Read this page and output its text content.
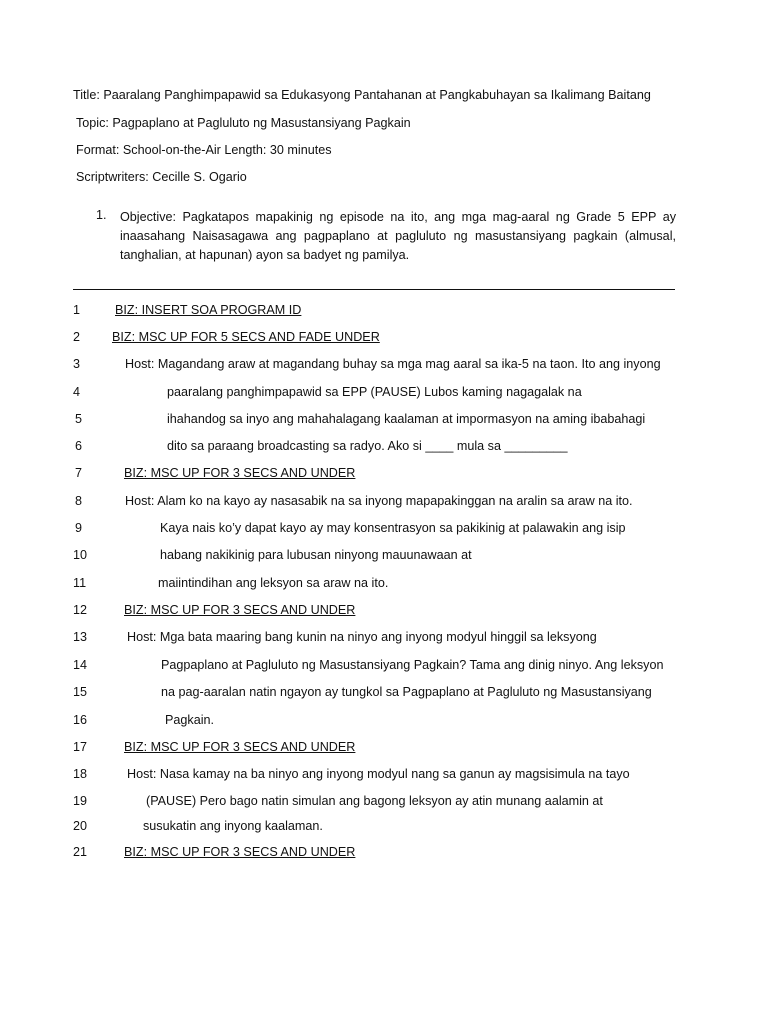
Title: Paaralang Panghimpapawid sa Edukasyong Pantahanan at Pangkabuhayan sa Ikalimang Baitang
Topic: Pagpaplano at Pagluluto ng Masustansiyang Pagkain
Format: School-on-the-Air Length: 30 minutes
Scriptwriters: Cecille S. Ogario
1. Objective: Pagkatapos mapakinig ng episode na ito, ang mga mag-aaral ng Grade 5 EPP ay inaasahang Naisasagawa ang pagpaplano at pagluluto ng masustansiyang pagkain (almusal, tanghalian, at hapunan) ayon sa badyet ng pamilya.
1	BIZ: INSERT SOA PROGRAM ID
2	BIZ: MSC UP FOR 5 SECS AND FADE UNDER
3	Host: Magandang araw at magandang buhay sa mga mag aaral sa ika-5 na taon. Ito ang inyong
4	paaralang panghimpapawid sa EPP (PAUSE) Lubos kaming nagagalak na
5	ihahandog sa inyo ang mahahalagang kaalaman at impormasyon na aming ibabahagi
6	dito sa paraang broadcasting sa radyo. Ako si ____ mula sa _________
7	BIZ: MSC UP FOR 3 SECS AND UNDER
8	Host: Alam ko na kayo ay nasasabik na sa inyong mapapakinggan na aralin sa araw na ito.
9	Kaya nais ko’y dapat kayo ay may konsentrasyon sa pakikinig at palawakin ang isip
10	habang nakikinig para lubusan ninyong mauunawaan at
11	maiintindihan ang leksyon sa araw na ito.
12	BIZ: MSC UP FOR 3 SECS AND UNDER
13	Host: Mga bata maaring bang kunin na ninyo ang inyong modyul hinggil sa leksyong
14	Pagpaplano at Pagluluto ng Masustansiyang Pagkain? Tama ang dinig ninyo. Ang leksyon
15	na pag-aaralan natin ngayon ay tungkol sa Pagpaplano at Pagluluto ng Masustansiyang
16	Pagkain.
17	BIZ: MSC UP FOR 3 SECS AND UNDER
18	Host: Nasa kamay na ba ninyo ang inyong modyul nang sa ganun ay magsisimula na tayo
19	(PAUSE) Pero bago natin simulan ang bagong leksyon ay atin munang aalamin at
20	susukatin ang inyong kaalaman.
21	BIZ: MSC UP FOR 3 SECS AND UNDER
